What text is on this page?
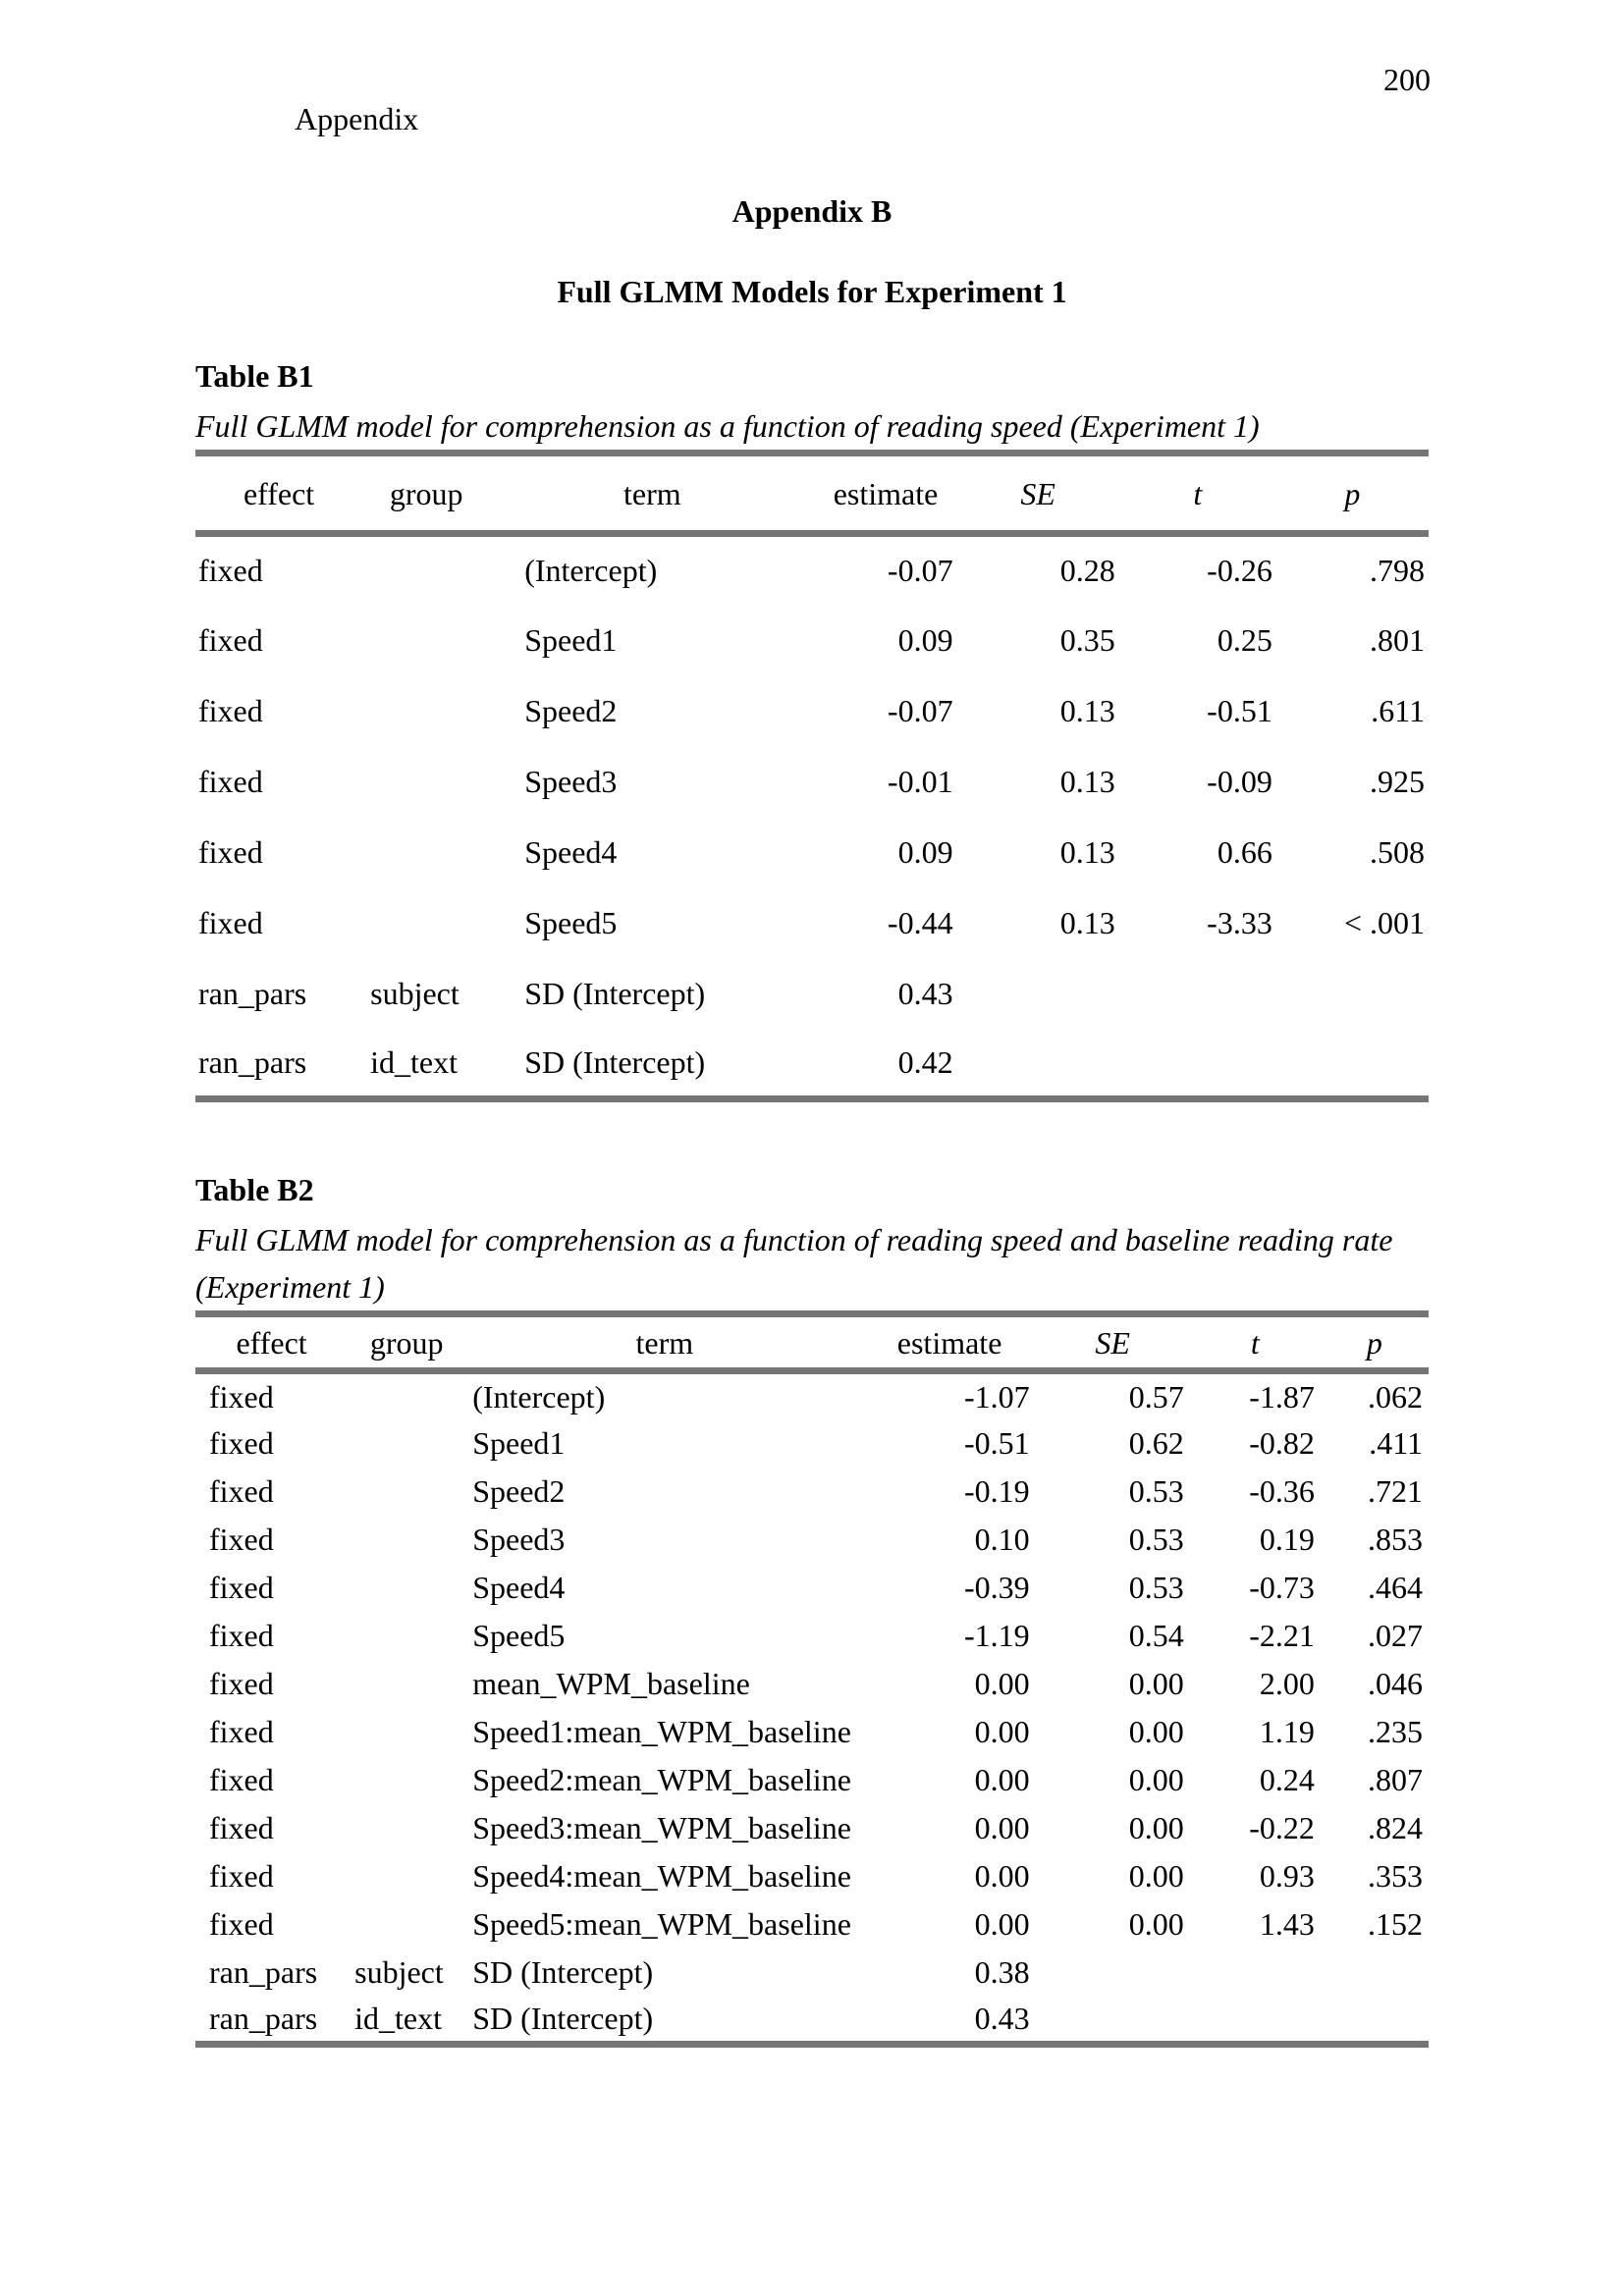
200
Appendix
Appendix B
Full GLMM Models for Experiment 1
Table B1
Full GLMM model for comprehension as a function of reading speed (Experiment 1)
effect	group	term	estimate	SE	t	p
fixed		(Intercept)	-0.07	0.28	-0.26	.798
fixed		Speed1	0.09	0.35	0.25	.801
fixed		Speed2	-0.07	0.13	-0.51	.611
fixed		Speed3	-0.01	0.13	-0.09	.925
fixed		Speed4	0.09	0.13	0.66	.508
fixed		Speed5	-0.44	0.13	-3.33	< .001
ran_pars	subject	SD (Intercept)	0.43			
ran_pars	id_text	SD (Intercept)	0.42			
Table B2
Full GLMM model for comprehension as a function of reading speed and baseline reading rate (Experiment 1)
effect	group	term	estimate	SE	t	p
fixed		(Intercept)	-1.07	0.57	-1.87	.062
fixed		Speed1	-0.51	0.62	-0.82	.411
fixed		Speed2	-0.19	0.53	-0.36	.721
fixed		Speed3	0.10	0.53	0.19	.853
fixed		Speed4	-0.39	0.53	-0.73	.464
fixed		Speed5	-1.19	0.54	-2.21	.027
fixed		mean_WPM_baseline	0.00	0.00	2.00	.046
fixed		Speed1:mean_WPM_baseline	0.00	0.00	1.19	.235
fixed		Speed2:mean_WPM_baseline	0.00	0.00	0.24	.807
fixed		Speed3:mean_WPM_baseline	0.00	0.00	-0.22	.824
fixed		Speed4:mean_WPM_baseline	0.00	0.00	0.93	.353
fixed		Speed5:mean_WPM_baseline	0.00	0.00	1.43	.152
ran_pars	subject	SD (Intercept)	0.38			
ran_pars	id_text	SD (Intercept)	0.43			
